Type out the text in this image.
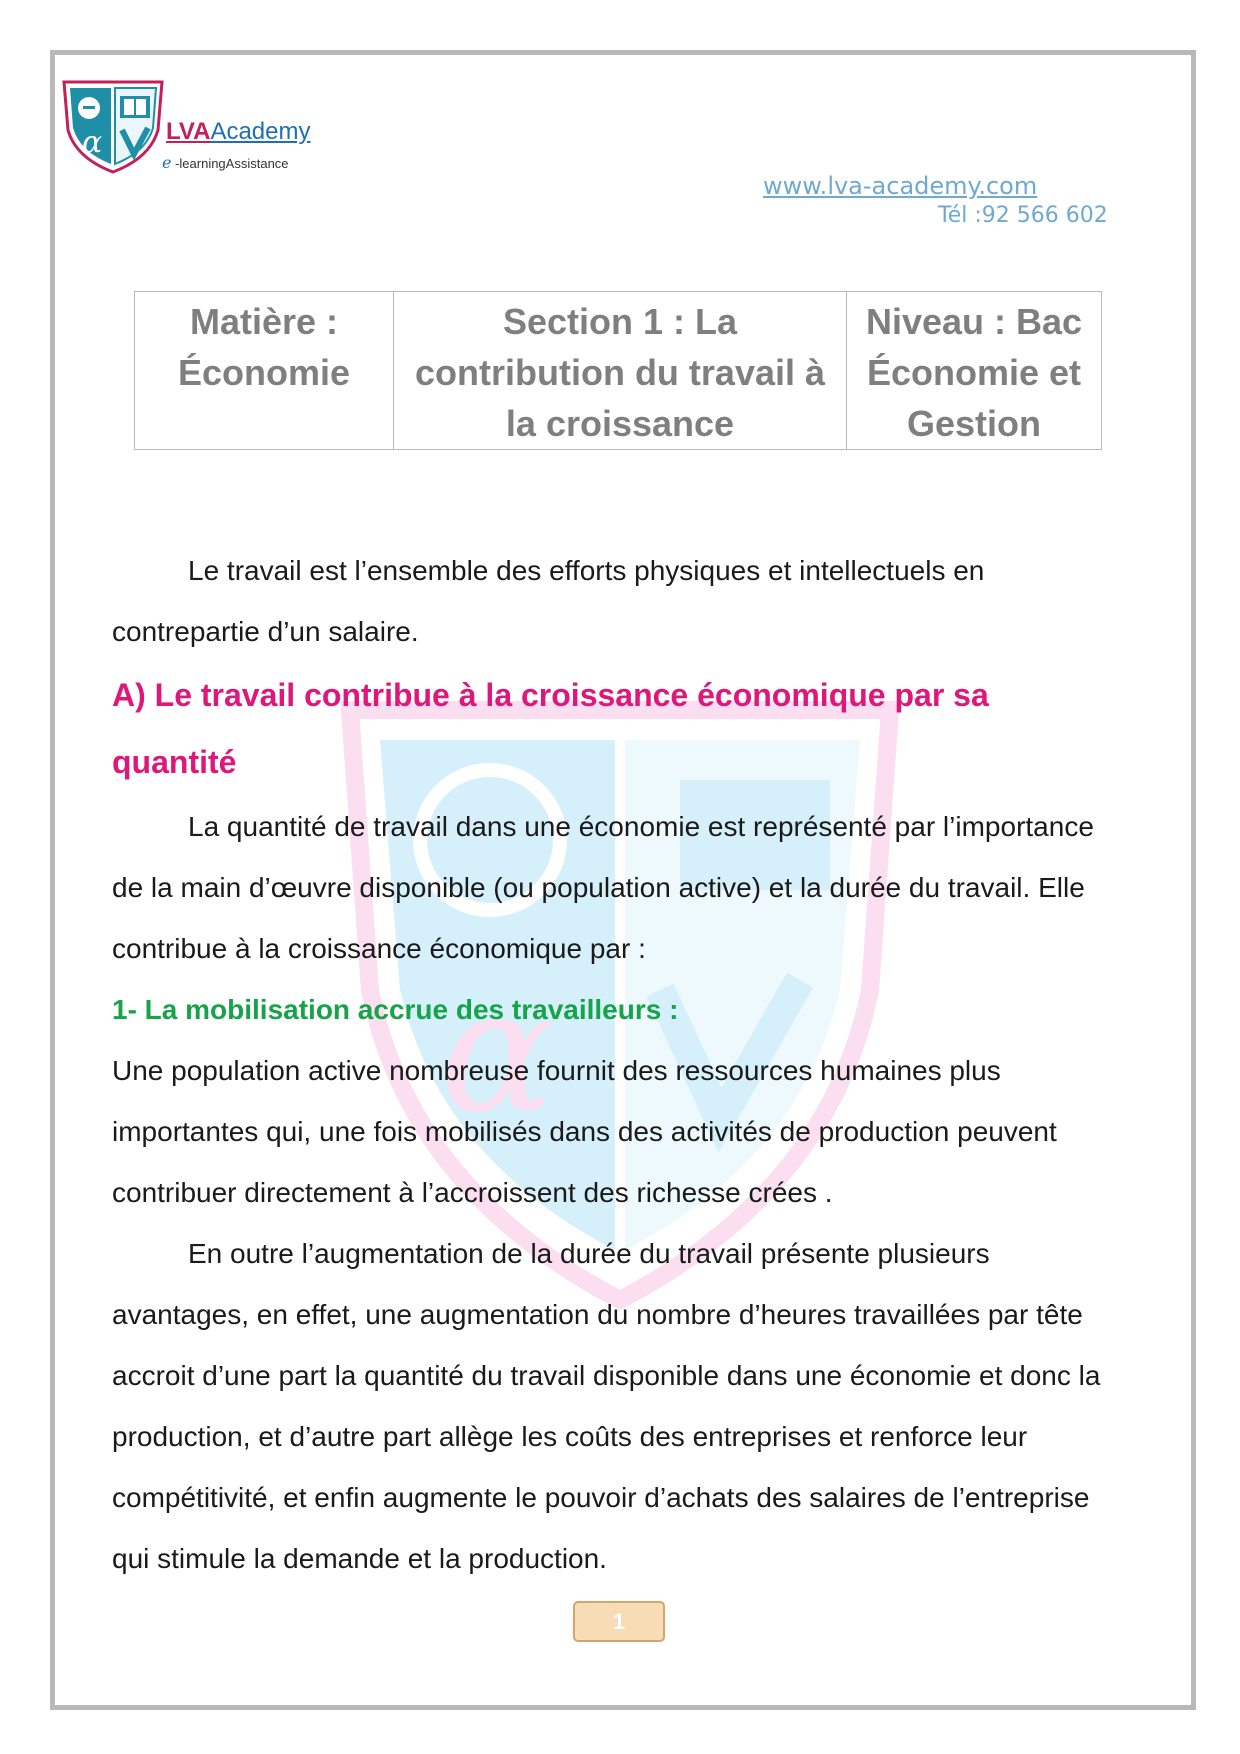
α	LVAAcademy
e -learningAssistance
www.lva-academy.com
Tél :92 566 602
Matière :
Économie

Section 1 : La
contribution du travail à
la croissance

Niveau : Bac
Économie et
Gestion
α

Le travail est l’ensemble des efforts physiques et intellectuels en contrepartie d’un salaire.

A) Le travail contribue à la croissance économique par sa quantité

La quantité de travail dans une économie est représenté par l’importance de la main d’œuvre disponible (ou population active) et la durée du travail. Elle contribue à la croissance économique par :

1- La mobilisation accrue des travailleurs :

Une population active nombreuse fournit des ressources humaines plus importantes qui, une fois mobilisés dans des activités de production peuvent contribuer directement à l’accroissent des richesse crées .

En outre l’augmentation de la durée du travail présente plusieurs avantages, en effet, une augmentation du nombre d’heures travaillées par tête accroit d’une part la quantité du travail disponible dans une économie et donc la production, et d’autre part allège les coûts des entreprises et renforce leur compétitivité, et enfin augmente le pouvoir d’achats des salaires de l’entreprise qui stimule la demande et la production.

1
